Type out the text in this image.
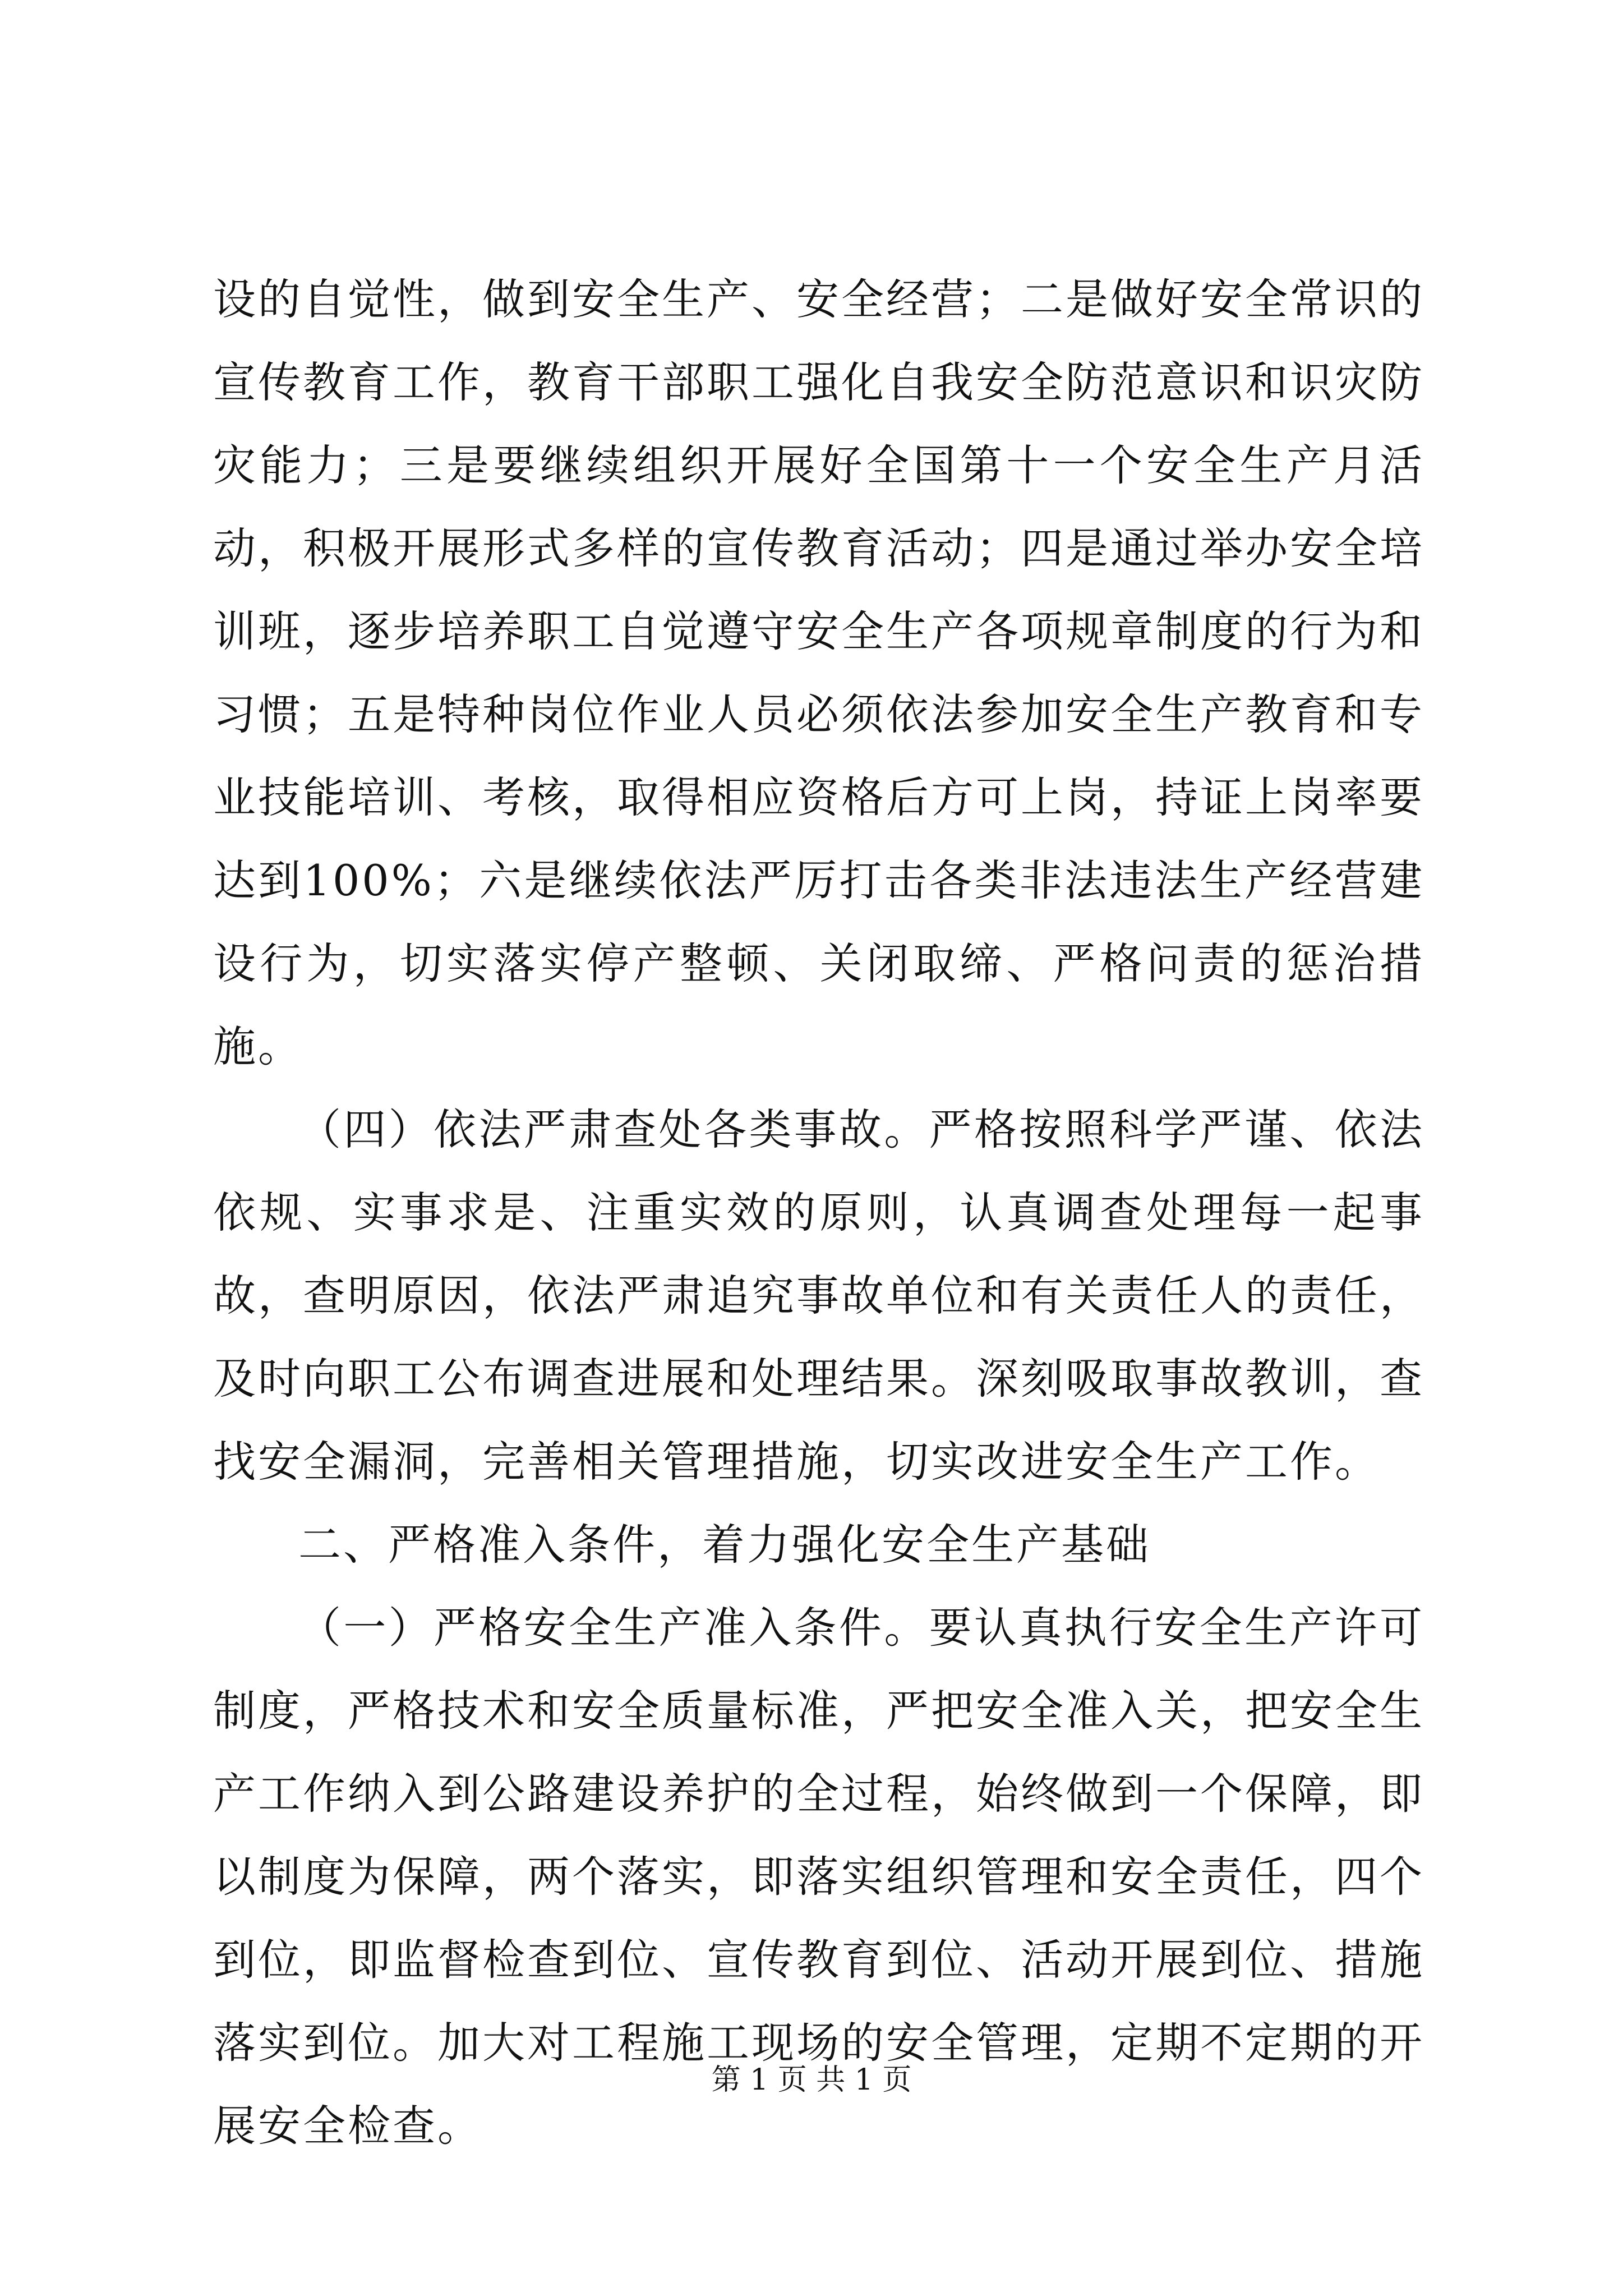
设的自觉性，做到安全生产、安全经营；二是做好安全常识的宣传教育工作，教育干部职工强化自我安全防范意识和识灾防灾能力；三是要继续组织开展好全国第十一个安全生产月活动，积极开展形式多样的宣传教育活动；四是通过举办安全培训班，逐步培养职工自觉遵守安全生产各项规章制度的行为和习惯；五是特种岗位作业人员必须依法参加安全生产教育和专业技能培训、考核，取得相应资格后方可上岗，持证上岗率要达到100%；六是继续依法严厉打击各类非法违法生产经营建设行为，切实落实停产整顿、关闭取缔、严格问责的惩治措施。

（四）依法严肃查处各类事故。严格按照科学严谨、依法依规、实事求是、注重实效的原则，认真调查处理每一起事故，查明原因，依法严肃追究事故单位和有关责任人的责任，及时向职工公布调查进展和处理结果。深刻吸取事故教训，查找安全漏洞，完善相关管理措施，切实改进安全生产工作。

二、严格准入条件，着力强化安全生产基础

（一）严格安全生产准入条件。要认真执行安全生产许可制度，严格技术和安全质量标准，严把安全准入关，把安全生产工作纳入到公路建设养护的全过程，始终做到一个保障，即以制度为保障，两个落实，即落实组织管理和安全责任，四个到位，即监督检查到位、宣传教育到位、活动开展到位、措施落实到位。加大对工程施工现场的安全管理，定期不定期的开展安全检查。

第 1 页 共 1 页
